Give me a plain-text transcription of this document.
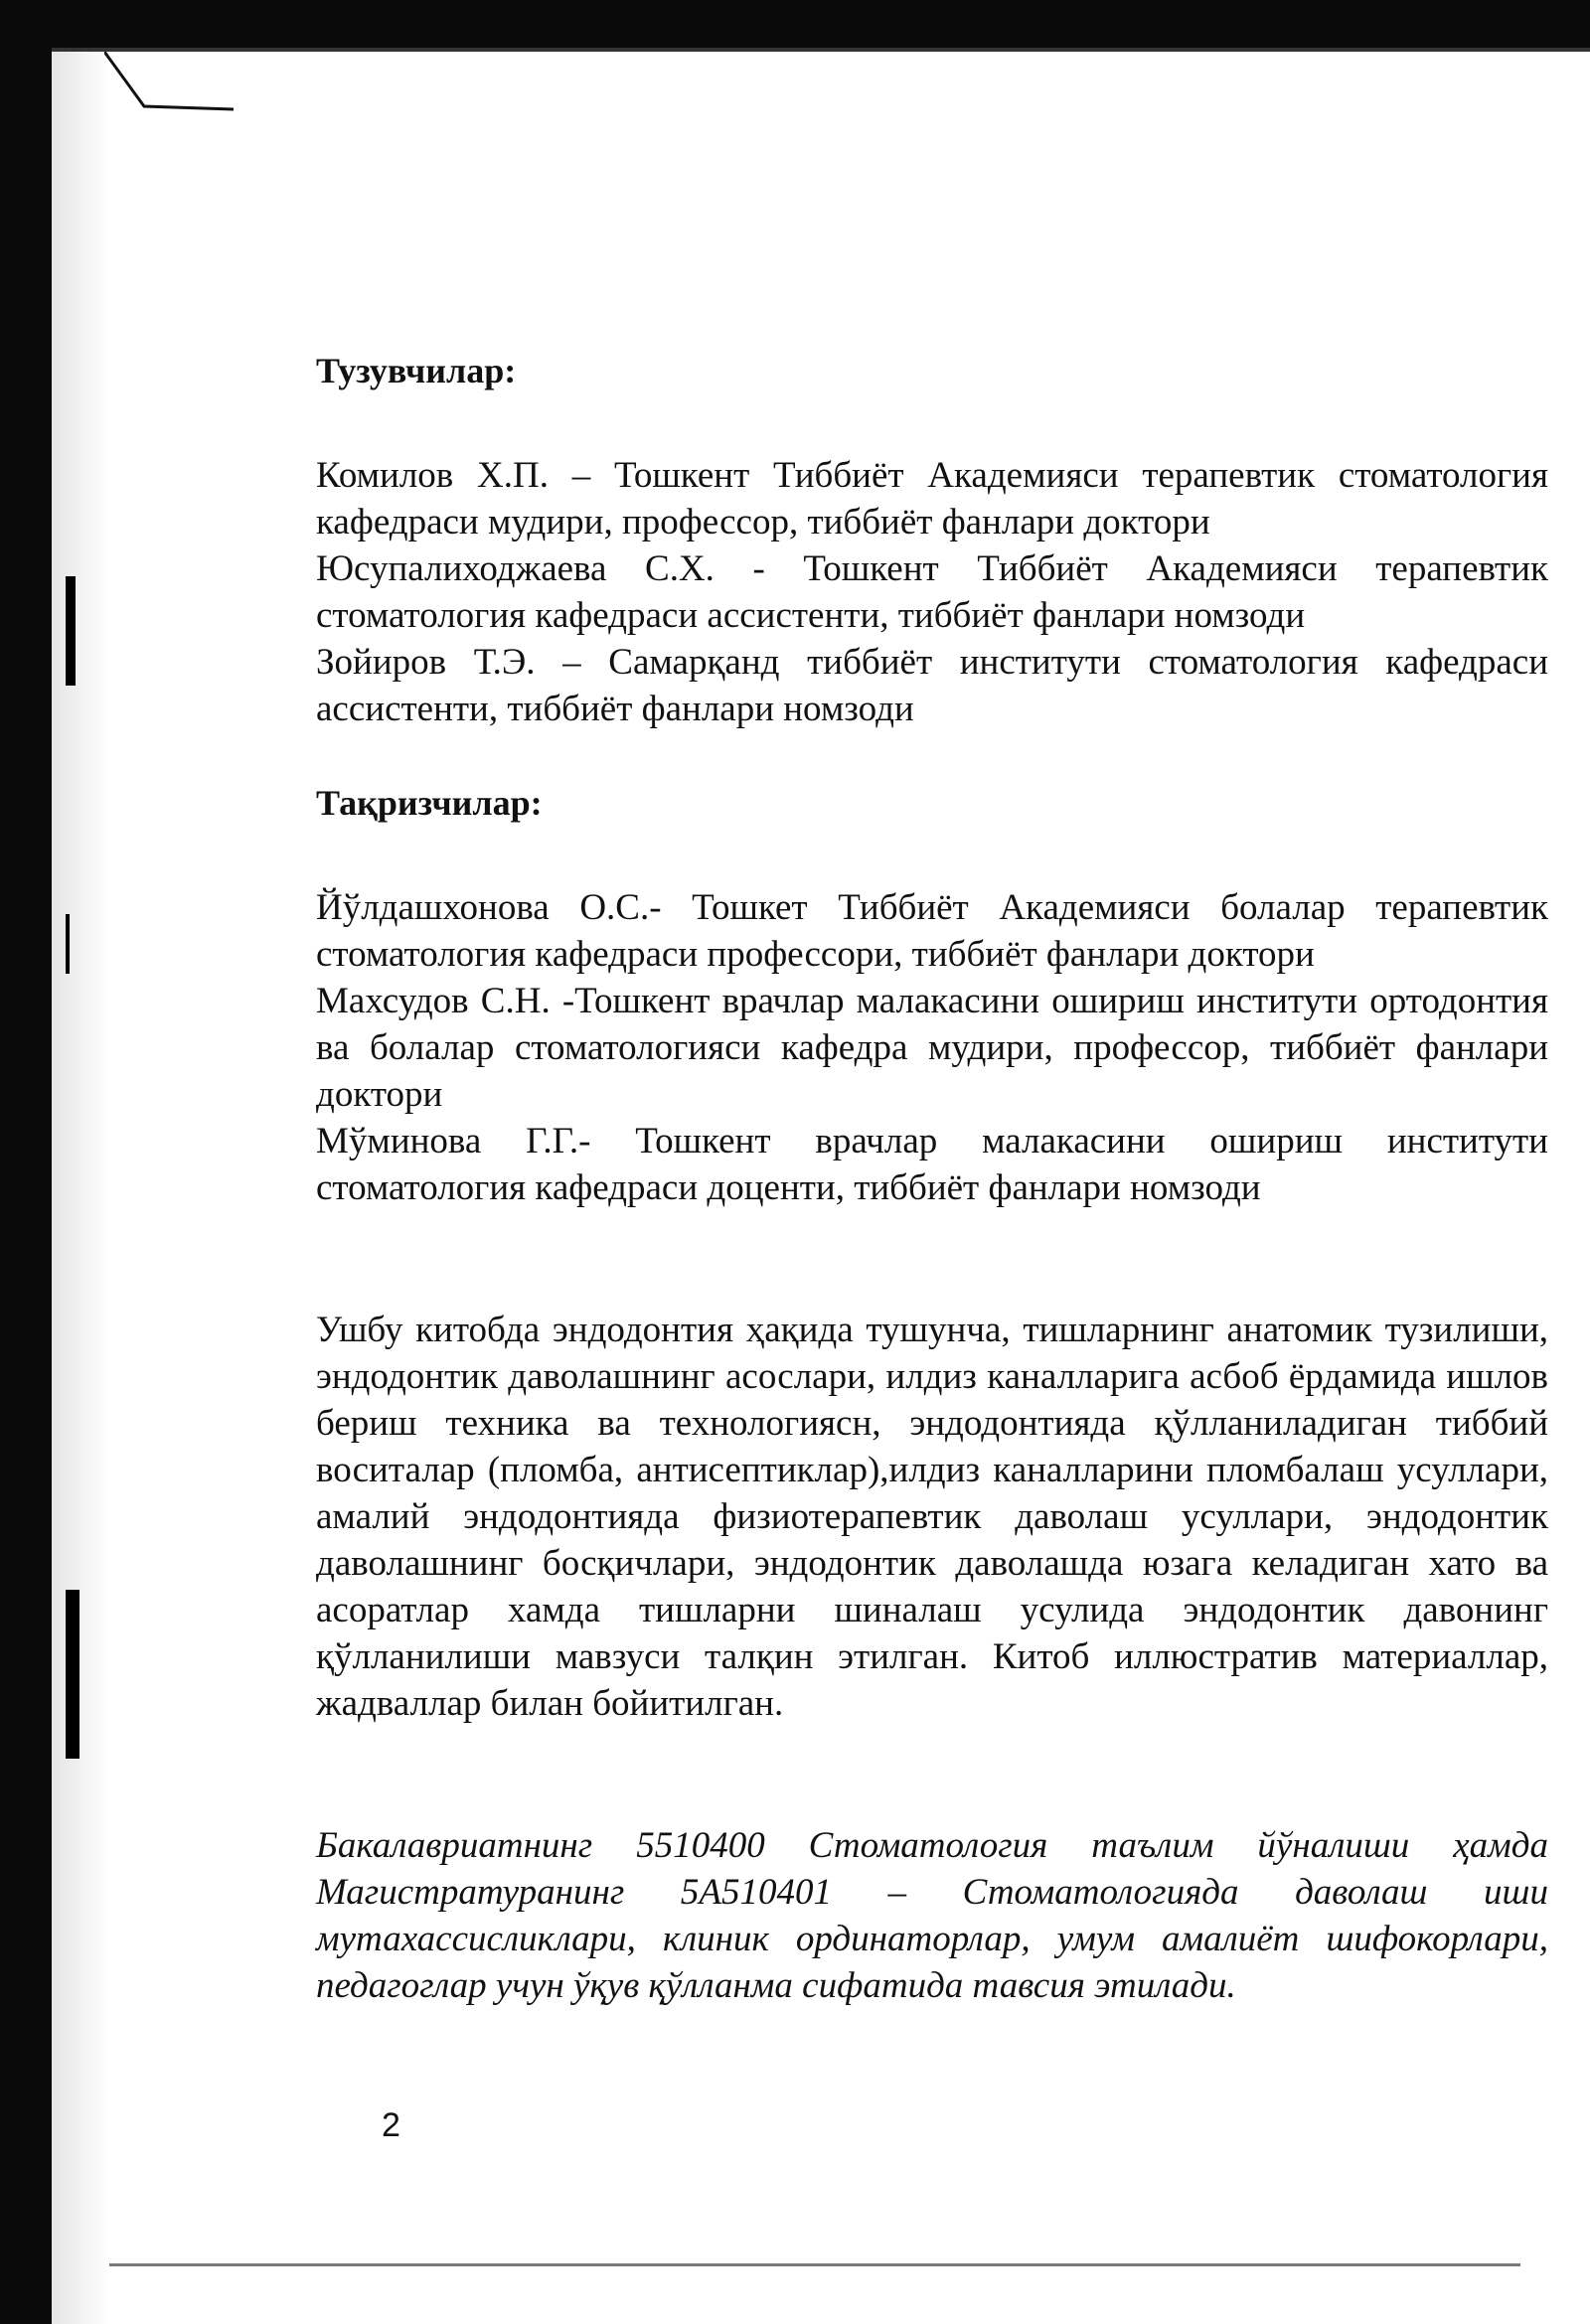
Тузувчилар:

Комилов Х.П. – Тошкент Тиббиёт Академияси терапевтик стоматология кафедраси мудири, профессор, тиббиёт фанлари доктори

Юсупалиходжаева С.Х. - Тошкент Тиббиёт Академияси терапевтик стоматология кафедраси ассистенти, тиббиёт фанлари номзоди

Зойиров Т.Э. – Самарқанд тиббиёт институти стоматология кафедраси ассистенти, тиббиёт фанлари номзоди

Тақризчилар:

Йўлдашхонова О.С.- Тошкет Тиббиёт Академияси болалар терапевтик стоматология кафедраси профессори, тиббиёт фанлари доктори

Махсудов С.Н. -Тошкент врачлар малакасини ошириш институти ортодонтия ва болалар стоматологияси кафедра мудири, профессор, тиббиёт фанлари доктори

Мўминова Г.Г.- Тошкент врачлар малакасини ошириш институти стоматология кафедраси доценти, тиббиёт фанлари номзоди

Ушбу китобда эндодонтия ҳақида тушунча, тишларнинг анатомик тузилиши, эндодонтик даволашнинг асослари, илдиз каналларига асбоб ёрдамида ишлов бериш техника ва технологиясн, эндодонтияда қўлланиладиган тиббий воситалар (пломба, антисептиклар),илдиз каналларини пломбалаш усуллари, амалий эндодонтияда физиотерапевтик даволаш усуллари, эндодонтик даволашнинг босқичлари, эндодонтик даволашда юзага келадиган хато ва асоратлар хамда тишларни шиналаш усулида эндодонтик давонинг қўлланилиши мавзуси талқин этилган. Китоб иллюстратив материаллар, жадваллар билан бойитилган.

Бакалавриатнинг 5510400 Стоматология таълим йўналиши ҳамда Магистратуранинг 5А510401 – Стоматологияда даволаш иши мутахассисликлари, клиник ординаторлар, умум амалиёт шифокорлари, педагоглар учун ўқув қўлланма сифатида тавсия этилади.

2
